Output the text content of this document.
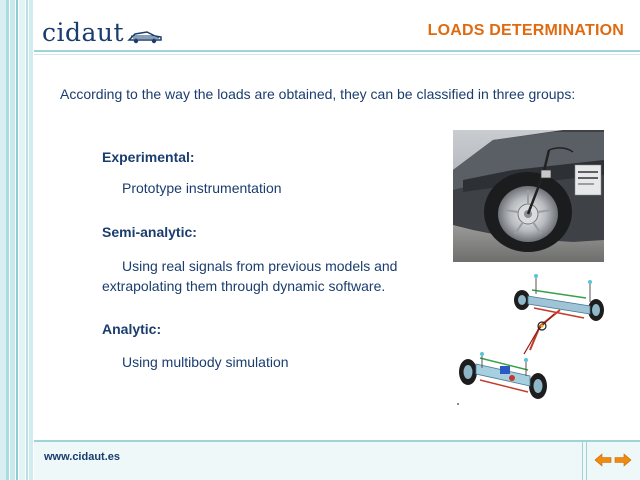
cidaut	LOADS DETERMINATION
According to the way the loads are obtained, they can be classified in three groups:
Experimental:
Prototype instrumentation
Semi-analytic:
Using real signals from previous models and
extrapolating them through dynamic software.
Analytic:
Using multibody simulation
www.cidaut.es
